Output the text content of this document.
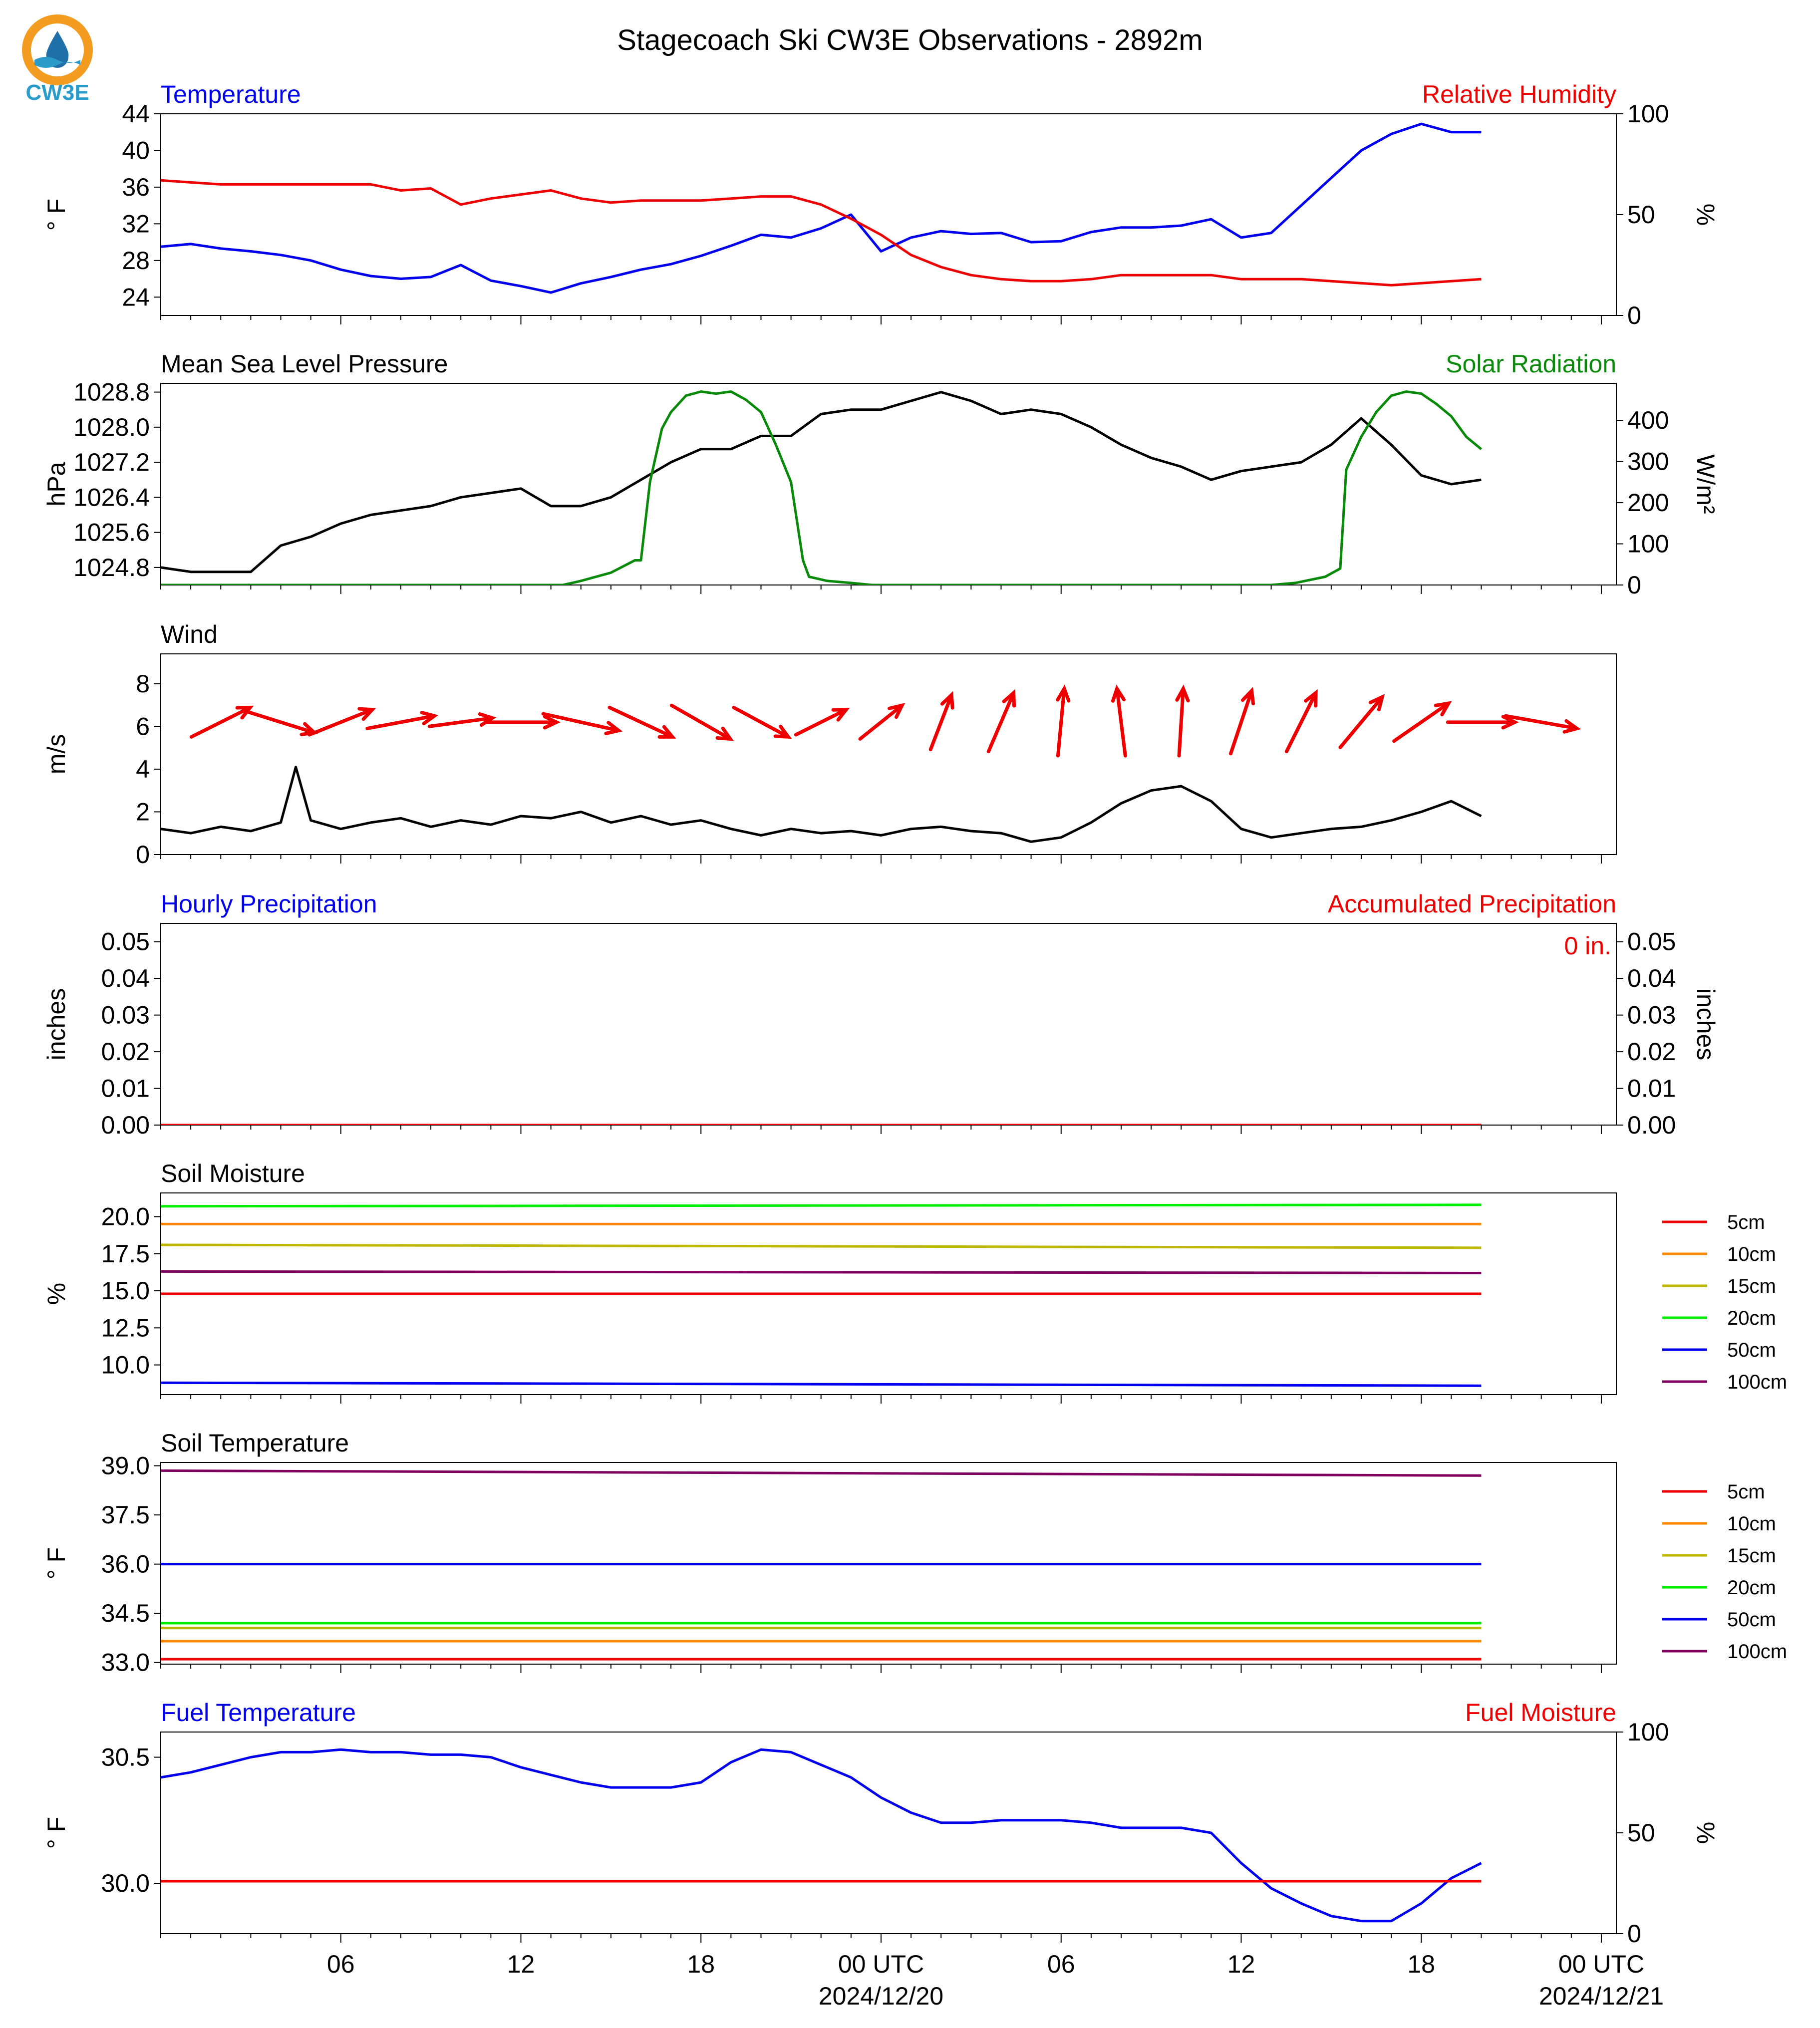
CW3E
Stagecoach Ski CW3E Observations - 2892m
Temperature	Relative Humidity
24
28
32
36
40
44
° F
0
50
100
%
Mean Sea Level Pressure	Solar Radiation
1024.8
1025.6
1026.4
1027.2
1028.0
1028.8
hPa
0
100
200
300
400
W/m²
Wind
0
2
4
6
8
m/s
Hourly Precipitation	Accumulated Precipitation
0.00
0.01
0.02
0.03
0.04
0.05
inches
0.00
0.01
0.02
0.03
0.04
0.05
inches
0 in.
Soil Moisture
10.0
12.5
15.0
17.5
20.0
%
5cm
10cm
15cm
20cm
50cm
100cm
Soil Temperature
33.0
34.5
36.0
37.5
39.0
° F
5cm
10cm
15cm
20cm
50cm
100cm
Fuel Temperature	Fuel Moisture
30.0
30.5
° F
0
50
100
%
06	12	18	00 UTC	06	12	18	00 UTC
2024/12/20	2024/12/21
